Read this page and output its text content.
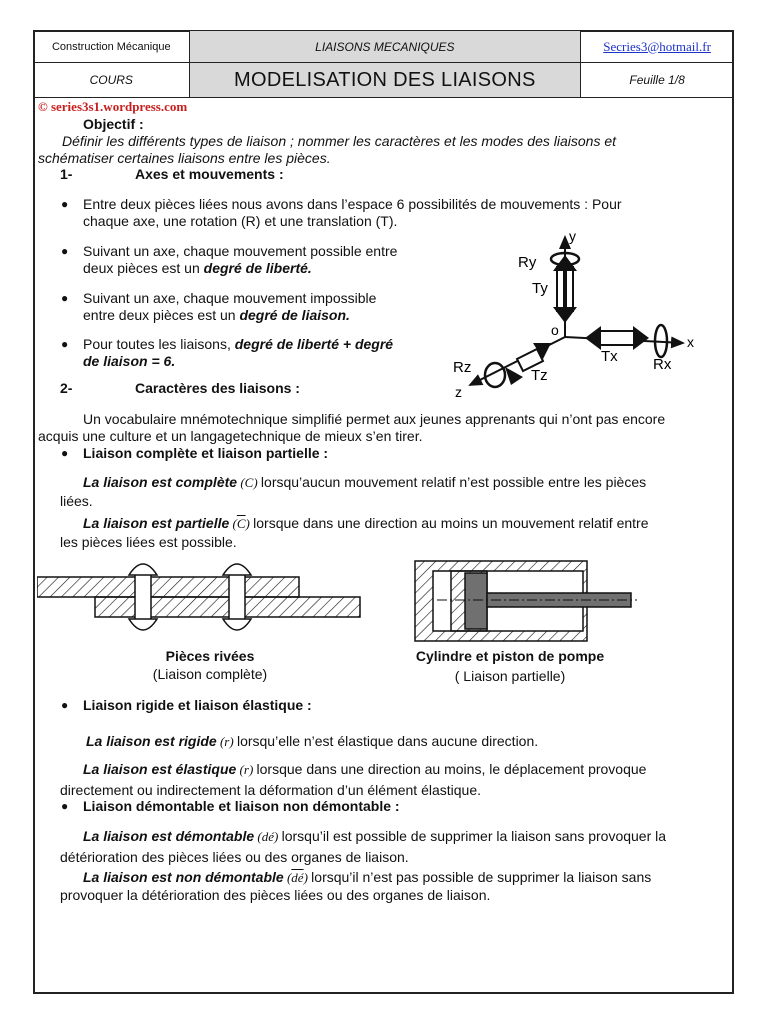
Construction Mécanique	LIAISONS MECANIQUES	Secries3@hotmail.fr
COURS	MODELISATION DES LIAISONS	Feuille 1/8
© series3s1.wordpress.com
Objectif :
Définir les différents types de liaison ; nommer les caractères et les modes des liaisons et
schématiser certaines liaisons entre les pièces.
1-	Axes et mouvements :
● Entre deux pièces liées nous avons dans l’espace 6 possibilités de mouvements : Pour
chaque axe, une rotation (R) et une translation (T).
● Suivant un axe, chaque mouvement possible entre
deux pièces est un degré de liberté.
● Suivant un axe, chaque mouvement impossible
entre deux pièces est un degré de liaison.
● Pour toutes les liaisons, degré de liberté + degré
de liaison = 6.
y
x
z
o
Ry
Ty
Tx Rx
Rz	Tz
2-	Caractères des liaisons :
Un vocabulaire mnémotechnique simplifié permet aux jeunes apprenants qui n’ont pas encore
acquis une culture et un langagetechnique de mieux s’en tirer.
● Liaison complète et liaison partielle :
La liaison est complète (C) lorsqu’aucun mouvement relatif n’est possible entre les pièces
liées.
La liaison est partielle $(\overline{C})$ lorsque dans une direction au moins un mouvement relatif entre
les pièces liées est possible.
Pièces rivées
(Liaison complète)
Cylindre et piston de pompe
( Liaison partielle)
● Liaison rigide et liaison élastique :
La liaison est rigide (r) lorsqu’elle n’est élastique dans aucune direction.
La liaison est élastique (r) lorsque dans une direction au moins, le déplacement provoque
directement ou indirectement la déformation d’un élément élastique.
● Liaison démontable et liaison non démontable :
La liaison est démontable (dé) lorsqu’il est possible de supprimer la liaison sans provoquer la
détérioration des pièces liées ou des organes de liaison.
La liaison est non démontable $(\overline{dé})$ lorsqu’il n’est pas possible de supprimer la liaison sans
provoquer la détérioration des pièces liées ou des organes de liaison.
